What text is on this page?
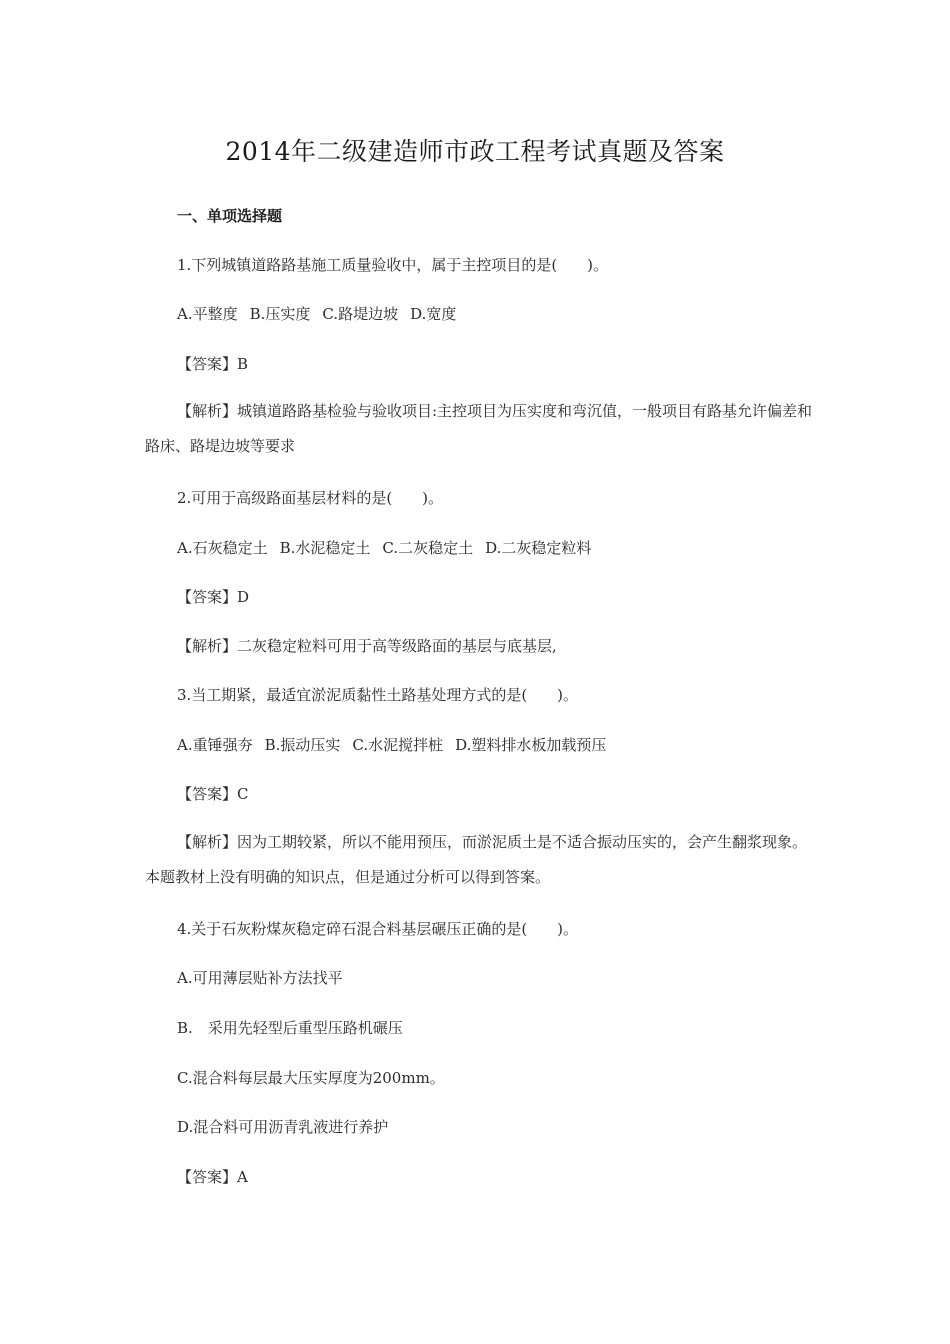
2014年二级建造师市政工程考试真题及答案
一、单项选择题
1.下列城镇道路路基施工质量验收中，属于主控项目的是(　　)。
A.平整度 B.压实度 C.路堤边坡 D.宽度
【答案】B
【解析】城镇道路路基检验与验收项目:主控项目为压实度和弯沉值，一般项目有路基允许偏差和路床、路堤边坡等要求
2.可用于高级路面基层材料的是(　　)。
A.石灰稳定土 B.水泥稳定土 C.二灰稳定土 D.二灰稳定粒料
【答案】D
【解析】二灰稳定粒料可用于高等级路面的基层与底基层,
3.当工期紧，最适宜淤泥质黏性土路基处理方式的是(　　)。
A.重锤强夯 B.振动压实 C.水泥搅拌桩 D.塑料排水板加载预压
【答案】C
【解析】因为工期较紧，所以不能用预压，而淤泥质土是不适合振动压实的，会产生翻浆现象。本题教材上没有明确的知识点，但是通过分析可以得到答案。
4.关于石灰粉煤灰稳定碎石混合料基层碾压正确的是(　　)。
A.可用薄层贴补方法找平
B.　采用先轻型后重型压路机碾压
C.混合料每层最大压实厚度为200mm。
D.混合料可用沥青乳液进行养护
【答案】A
